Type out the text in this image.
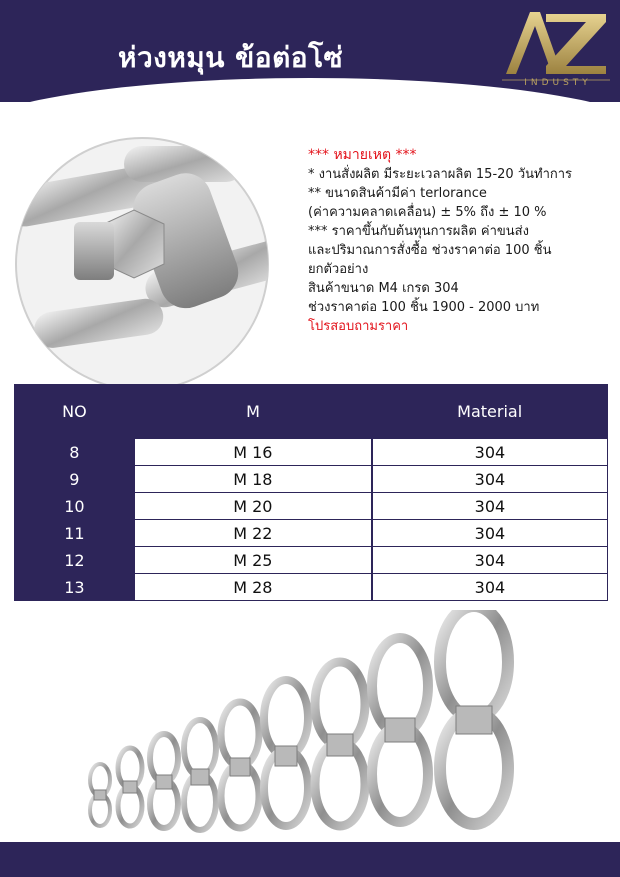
ห่วงหมุน ข้อต่อโซ่
INDUSTY
*** หมายเหตุ ***
* งานสั่งผลิต มีระยะเวลาผลิต 15-20 วันทำการ
** ขนาดสินค้ามีค่า terlorance
(ค่าความคลาดเคลื่อน) ± 5% ถึง ± 10 %
*** ราคาขึ้นกับต้นทุนการผลิต ค่าขนส่ง
และปริมาณการสั่งซื้อ ช่วงราคาต่อ 100 ชิ้น
ยกตัวอย่าง
สินค้าขนาด M4 เกรด 304
ช่วงราคาต่อ 100 ชิ้น 1900 - 2000 บาท
โปรสอบถามราคา
NO	M	Material
8	M 16	304
9	M 18	304
10	M 20	304
11	M 22	304
12	M 25	304
13	M 28	304
